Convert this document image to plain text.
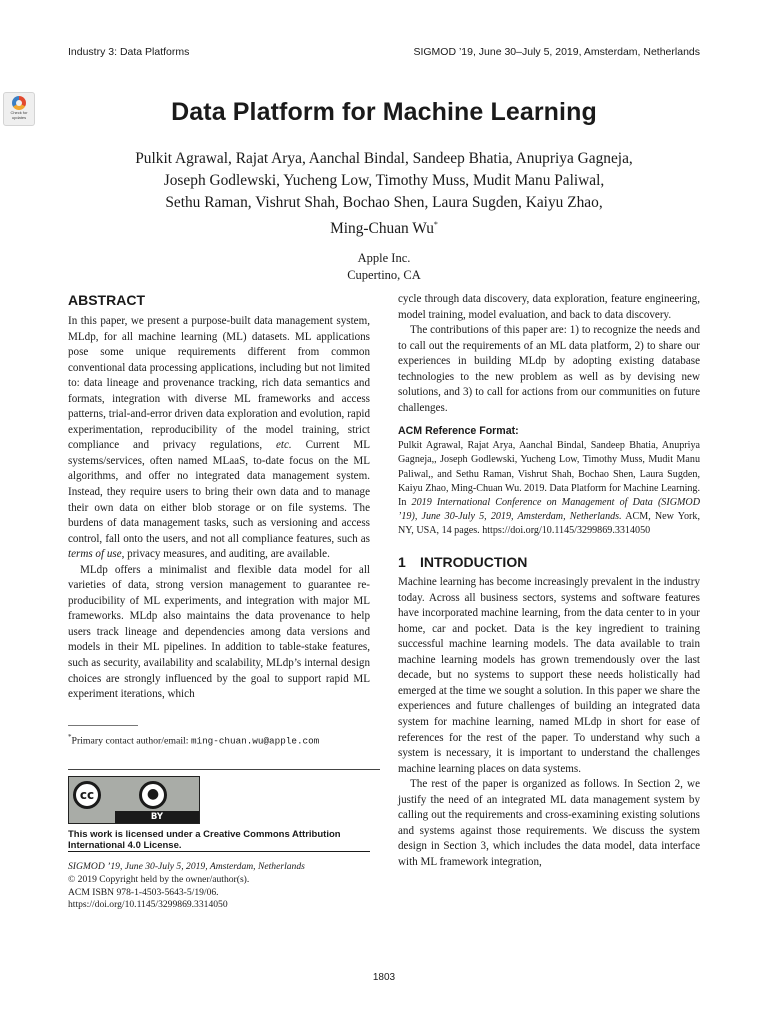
Industry 3: Data Platforms	SIGMOD ’19, June 30–July 5, 2019, Amsterdam, Netherlands
Check for
updates	Data Platform for Machine Learning
Pulkit Agrawal, Rajat Arya, Aanchal Bindal, Sandeep Bhatia, Anupriya Gagneja,
Joseph Godlewski, Yucheng Low, Timothy Muss, Mudit Manu Paliwal,
Sethu Raman, Vishrut Shah, Bochao Shen, Laura Sugden, Kaiyu Zhao,
Ming-Chuan Wu*
Apple Inc.
Cupertino, CA
ABSTRACT

In this paper, we present a purpose-built data management system, MLdp, for all machine learning (ML) datasets. ML applications pose some unique requirements different from common conventional data processing applications, including but not limited to: data lineage and provenance tracking, rich data semantics and formats, integration with diverse ML frameworks and access patterns, trial-and-error driven data exploration and evolution, rapid experimentation, reproducibility of the model training, strict compliance and privacy regulations, etc. Current ML systems/services, often named MLaaS, to-date focus on the ML algorithms, and offer no integrated data management system. Instead, they require users to bring their own data and to manage their own data on either blob storage or on file systems. The burdens of data management tasks, such as versioning and access control, fall onto the users, and not all compliance features, such as terms of use, privacy measures, and auditing, are available.

MLdp offers a minimalist and flexible data model for all varieties of data, strong version management to guarantee re-producibility of ML experiments, and integration with major ML frameworks. MLdp also maintains the data provenance to help users track lineage and dependencies among data versions and models in their ML pipelines. In addition to table-stake features, such as security, availability and scalability, MLdp’s internal design choices are strongly influenced by the goal to support rapid ML experiment iterations, which

*Primary contact author/email: ming-chuan.wu@apple.com
cc	●
BY
This work is licensed under a Creative Commons Attribution International 4.0 License.
SIGMOD ’19, June 30-July 5, 2019, Amsterdam, Netherlands
© 2019 Copyright held by the owner/author(s).
ACM ISBN 978-1-4503-5643-5/19/06.
https://doi.org/10.1145/3299869.3314050

cycle through data discovery, data exploration, feature engineering, model training, model evaluation, and back to data discovery.

The contributions of this paper are: 1) to recognize the needs and to call out the requirements of an ML data platform, 2) to share our experiences in building MLdp by adopting existing database technologies to the new problem as well as by devising new solutions, and 3) to call for actions from our communities on future challenges.

ACM Reference Format:

Pulkit Agrawal, Rajat Arya, Aanchal Bindal, Sandeep Bhatia, Anupriya Gagneja,, Joseph Godlewski, Yucheng Low, Timothy Muss, Mudit Manu Paliwal,, and Sethu Raman, Vishrut Shah, Bochao Shen, Laura Sugden, Kaiyu Zhao, Ming-Chuan Wu. 2019. Data Platform for Machine Learning. In 2019 International Conference on Management of Data (SIGMOD ’19), June 30-July 5, 2019, Amsterdam, Netherlands. ACM, New York, NY, USA, 14 pages. https://doi.org/10.1145/3299869.3314050

1 INTRODUCTION

Machine learning has become increasingly prevalent in the industry today. Across all business sectors, systems and software features have incorporated machine learning, from the data center to in your home, car and pocket. Data is the key ingredient to training successful machine learning models. The data available to train machine learning models has grown tremendously over the last decade, but no systems to support these needs holistically had emerged at the time we sought a solution. In this paper we share the experiences and future challenges of building an integrated data system for machine learning, named MLdp in short for ease of references for the rest of the paper. To understand why such a system is necessary, it is important to understand the challenges machine learning places on data systems.

The rest of the paper is organized as follows. In Section 2, we justify the need of an integrated ML data management system by calling out the requirements and cross-examining existing solutions and systems against those requirements. We discuss the system design in Section 3, which includes the data model, data interface with ML framework integration,

1803
